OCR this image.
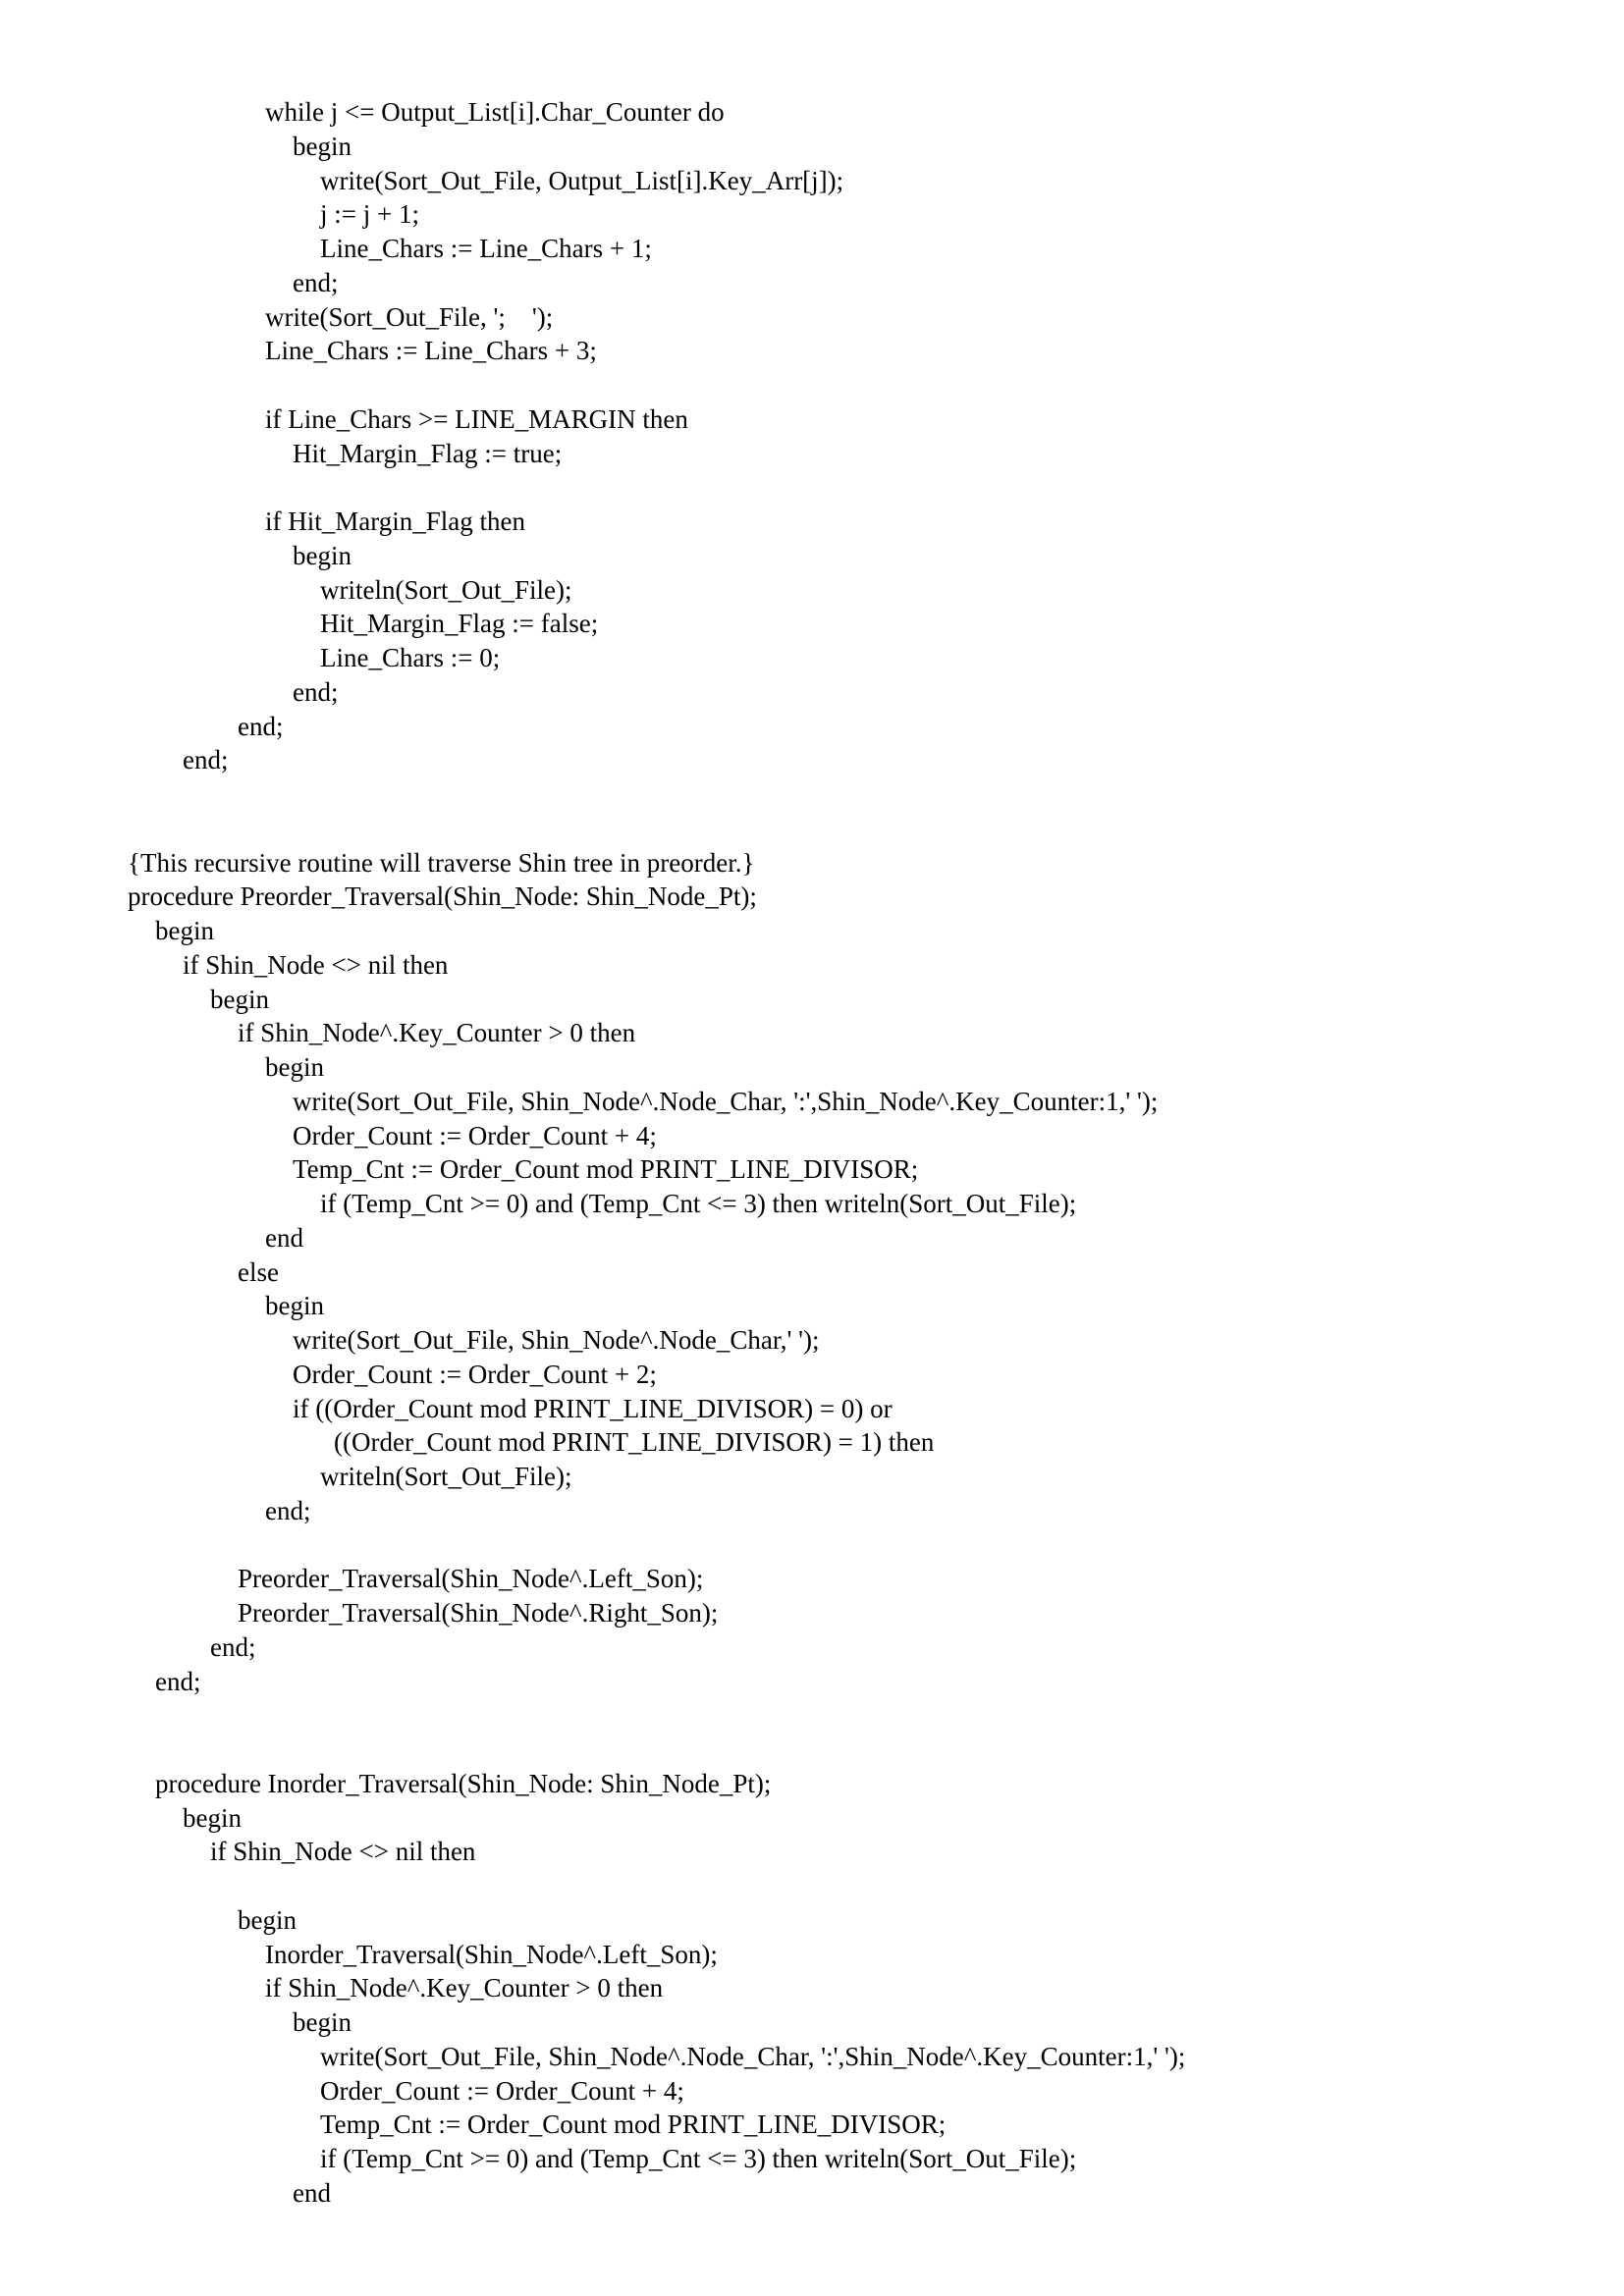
while j <= Output_List[i].Char_Counter do
begin
write(Sort_Out_File, Output_List[i].Key_Arr[j]);
j := j + 1;
Line_Chars := Line_Chars + 1;
end;
write(Sort_Out_File, ';    ');
Line_Chars := Line_Chars + 3;
if Line_Chars >= LINE_MARGIN then
Hit_Margin_Flag := true;
if Hit_Margin_Flag then
begin
writeln(Sort_Out_File);
Hit_Margin_Flag := false;
Line_Chars := 0;
end;
end;
end;
{This recursive routine will traverse Shin tree in preorder.}
procedure Preorder_Traversal(Shin_Node: Shin_Node_Pt);
begin
if Shin_Node <> nil then
begin
if Shin_Node^.Key_Counter > 0 then
begin
write(Sort_Out_File, Shin_Node^.Node_Char, ':',Shin_Node^.Key_Counter:1,' ');
Order_Count := Order_Count + 4;
Temp_Cnt := Order_Count mod PRINT_LINE_DIVISOR;
if (Temp_Cnt >= 0) and (Temp_Cnt <= 3) then writeln(Sort_Out_File);
end
else
begin
write(Sort_Out_File, Shin_Node^.Node_Char,' ');
Order_Count := Order_Count + 2;
if ((Order_Count mod PRINT_LINE_DIVISOR) = 0) or
((Order_Count mod PRINT_LINE_DIVISOR) = 1) then
writeln(Sort_Out_File);
end;
Preorder_Traversal(Shin_Node^.Left_Son);
Preorder_Traversal(Shin_Node^.Right_Son);
end;
end;
procedure Inorder_Traversal(Shin_Node: Shin_Node_Pt);
begin
if Shin_Node <> nil then
begin
Inorder_Traversal(Shin_Node^.Left_Son);
if Shin_Node^.Key_Counter > 0 then
begin
write(Sort_Out_File, Shin_Node^.Node_Char, ':',Shin_Node^.Key_Counter:1,' ');
Order_Count := Order_Count + 4;
Temp_Cnt := Order_Count mod PRINT_LINE_DIVISOR;
if (Temp_Cnt >= 0) and (Temp_Cnt <= 3) then writeln(Sort_Out_File);
end
